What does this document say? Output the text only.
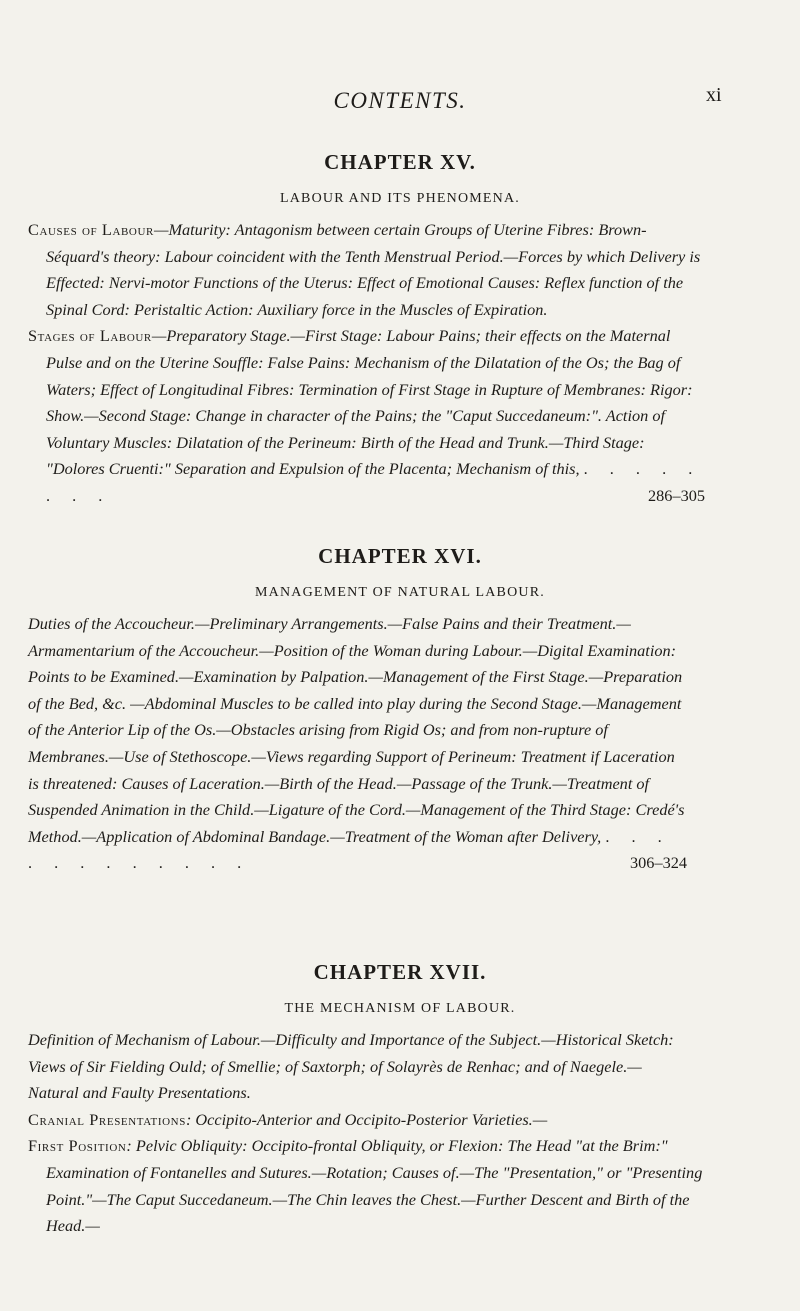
CONTENTS.	xi
CHAPTER XV.
LABOUR AND ITS PHENOMENA.
Causes of Labour—Maturity: Antagonism between certain Groups of Uterine Fibres: Brown-Séquard's theory: Labour coincident with the Tenth Menstrual Period.—Forces by which Delivery is Effected: Nervi-motor Functions of the Uterus: Effect of Emotional Causes: Reflex function of the Spinal Cord: Peristaltic Action: Auxiliary force in the Muscles of Expiration.
Stages of Labour—Preparatory Stage.—First Stage: Labour Pains; their effects on the Maternal Pulse and on the Uterine Souffle: False Pains: Mechanism of the Dilatation of the Os; the Bag of Waters; Effect of Longitudinal Fibres: Termination of First Stage in Rupture of Membranes: Rigor: Show.—Second Stage: Change in character of the Pains; the "Caput Succedaneum:". Action of Voluntary Muscles: Dilatation of the Perineum: Birth of the Head and Trunk.—Third Stage: "Dolores Cruenti:" Separation and Expulsion of the Placenta; Mechanism of this, . . . . . . . .	286–305
CHAPTER XVI.
MANAGEMENT OF NATURAL LABOUR.
Duties of the Accoucheur.—Preliminary Arrangements.—False Pains and their Treatment.—Armamentarium of the Accoucheur.—Position of the Woman during Labour.—Digital Examination: Points to be Examined.—Examination by Palpation.—Management of the First Stage.—Preparation of the Bed, &c. —Abdominal Muscles to be called into play during the Second Stage.—Management of the Anterior Lip of the Os.—Obstacles arising from Rigid Os; and from non-rupture of Membranes.—Use of Stethoscope.—Views regarding Support of Perineum: Treatment if Laceration is threatened: Causes of Laceration.—Birth of the Head.—Passage of the Trunk.—Treatment of Suspended Animation in the Child.—Ligature of the Cord.—Management of the Third Stage: Credé's Method.—Application of Abdominal Bandage.—Treatment of the Woman after Delivery, . . . . . . . . . . . .	306–324
CHAPTER XVII.
THE MECHANISM OF LABOUR.
Definition of Mechanism of Labour.—Difficulty and Importance of the Subject.—Historical Sketch: Views of Sir Fielding Ould; of Smellie; of Saxtorph; of Solayrès de Renhac; and of Naegele.—Natural and Faulty Presentations.
Cranial Presentations: Occipito-Anterior and Occipito-Posterior Varieties.—
First Position: Pelvic Obliquity: Occipito-frontal Obliquity, or Flexion: The Head "at the Brim:" Examination of Fontanelles and Sutures.—Rotation; Causes of.—The "Presentation," or "Presenting Point."—The Caput Succedaneum.—The Chin leaves the Chest.—Further Descent and Birth of the Head.—
